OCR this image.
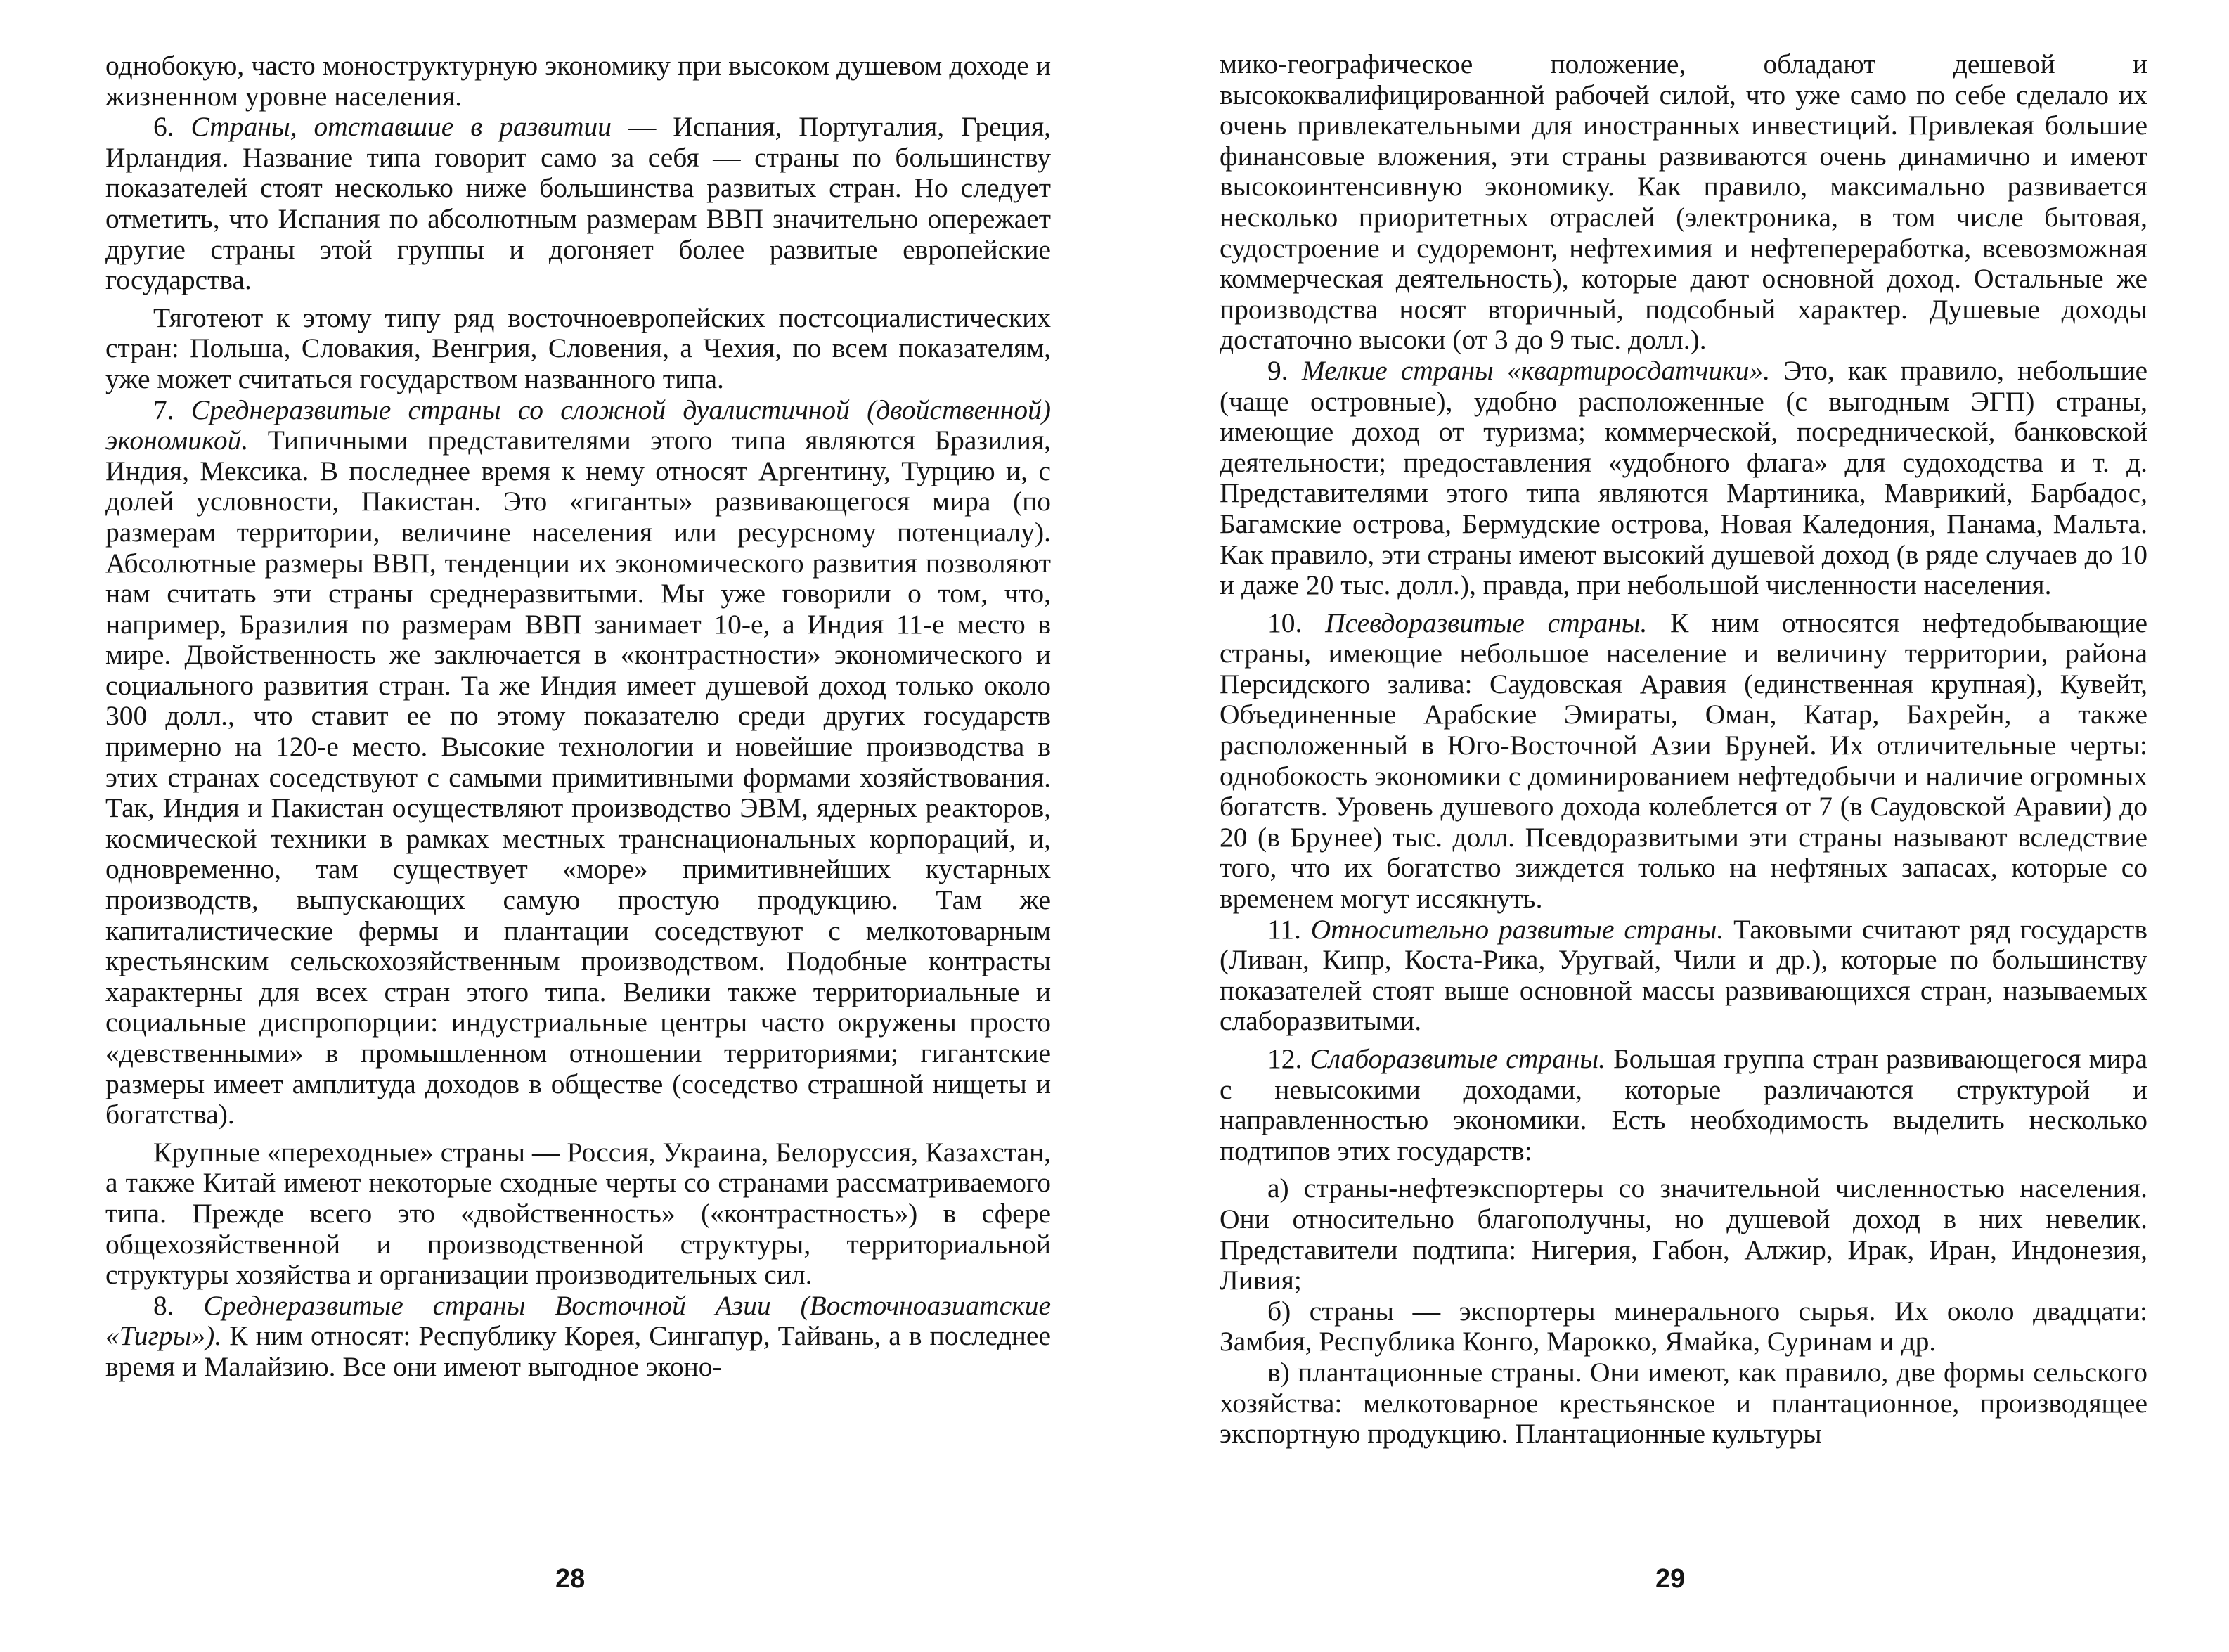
однобокую, часто моноструктурную экономику при высоком душевом доходе и жизненном уровне населения.

6. Страны, отставшие в развитии — Испания, Португалия, Греция, Ирландия. Название типа говорит само за себя — страны по большинству показателей стоят несколько ниже большинства развитых стран. Но следует отметить, что Испания по абсолютным размерам ВВП значительно опережает другие страны этой группы и догоняет более развитые европейские государства.

Тяготеют к этому типу ряд восточноевропейских постсоциалистических стран: Польша, Словакия, Венгрия, Словения, а Чехия, по всем показателям, уже может считаться государством названного типа.

7. Среднеразвитые страны со сложной дуалистичной (двойственной) экономикой. Типичными представителями этого типа являются Бразилия, Индия, Мексика. В последнее время к нему относят Аргентину, Турцию и, с долей условности, Пакистан. Это «гиганты» развивающегося мира (по размерам территории, величине населения или ресурсному потенциалу). Абсолютные размеры ВВП, тенденции их экономического развития позволяют нам считать эти страны среднеразвитыми. Мы уже говорили о том, что, например, Бразилия по размерам ВВП занимает 10-е, а Индия 11-е место в мире. Двойственность же заключается в «контрастности» экономического и социального развития стран. Та же Индия имеет душевой доход только около 300 долл., что ставит ее по этому показателю среди других государств примерно на 120-е место. Высокие технологии и новейшие производства в этих странах соседствуют с самыми примитивными формами хозяйствования. Так, Индия и Пакистан осуществляют производство ЭВМ, ядерных реакторов, космической техники в рамках местных транснациональных корпораций, и, одновременно, там существует «море» примитивнейших кустарных производств, выпускающих самую простую продукцию. Там же капиталистические фермы и плантации соседствуют с мелкотоварным крестьянским сельскохозяйственным производством. Подобные контрасты характерны для всех стран этого типа. Велики также территориальные и социальные диспропорции: индустриальные центры часто окружены просто «девственными» в промышленном отношении территориями; гигантские размеры имеет амплитуда доходов в обществе (соседство страшной нищеты и богатства).

Крупные «переходные» страны — Россия, Украина, Белоруссия, Казахстан, а также Китай имеют некоторые сходные черты со странами рассматриваемого типа. Прежде всего это «двойственность» («контрастность») в сфере общехозяйственной и производственной структуры, территориальной структуры хозяйства и организации производительных сил.

8. Среднеразвитые страны Восточной Азии (Восточноазиатские «Тигры»). К ним относят: Республику Корея, Сингапур, Тайвань, а в последнее время и Малайзию. Все они имеют выгодное эконо-

28

мико-географическое положение, обладают дешевой и высококвалифицированной рабочей силой, что уже само по себе сделало их очень привлекательными для иностранных инвестиций. Привлекая большие финансовые вложения, эти страны развиваются очень динамично и имеют высокоинтенсивную экономику. Как правило, максимально развивается несколько приоритетных отраслей (электроника, в том числе бытовая, судостроение и судоремонт, нефтехимия и нефтепереработка, всевозможная коммерческая деятельность), которые дают основной доход. Остальные же производства носят вторичный, подсобный характер. Душевые доходы достаточно высоки (от 3 до 9 тыс. долл.).

9. Мелкие страны «квартиросдатчики». Это, как правило, небольшие (чаще островные), удобно расположенные (с выгодным ЭГП) страны, имеющие доход от туризма; коммерческой, посреднической, банковской деятельности; предоставления «удобного флага» для судоходства и т. д. Представителями этого типа являются Мартиника, Маврикий, Барбадос, Багамские острова, Бермудские острова, Новая Каледония, Панама, Мальта. Как правило, эти страны имеют высокий душевой доход (в ряде случаев до 10 и даже 20 тыс. долл.), правда, при небольшой численности населения.

10. Псевдоразвитые страны. К ним относятся нефтедобывающие страны, имеющие небольшое население и величину территории, района Персидского залива: Саудовская Аравия (единственная крупная), Кувейт, Объединенные Арабские Эмираты, Оман, Катар, Бахрейн, а также расположенный в Юго-Восточной Азии Бруней. Их отличительные черты: однобокость экономики с доминированием нефтедобычи и наличие огромных богатств. Уровень душевого дохода колеблется от 7 (в Саудовской Аравии) до 20 (в Брунее) тыс. долл. Псевдоразвитыми эти страны называют вследствие того, что их богатство зиждется только на нефтяных запасах, которые со временем могут иссякнуть.

11. Относительно развитые страны. Таковыми считают ряд государств (Ливан, Кипр, Коста-Рика, Уругвай, Чили и др.), которые по большинству показателей стоят выше основной массы развивающихся стран, называемых слаборазвитыми.

12. Слаборазвитые страны. Большая группа стран развивающегося мира с невысокими доходами, которые различаются структурой и направленностью экономики. Есть необходимость выделить несколько подтипов этих государств:

а) страны-нефтеэкспортеры со значительной численностью населения. Они относительно благополучны, но душевой доход в них невелик. Представители подтипа: Нигерия, Габон, Алжир, Ирак, Иран, Индонезия, Ливия;

б) страны — экспортеры минерального сырья. Их около двадцати: Замбия, Республика Конго, Марокко, Ямайка, Суринам и др.

в) плантационные страны. Они имеют, как правило, две формы сельского хозяйства: мелкотоварное крестьянское и плантационное, производящее экспортную продукцию. Плантационные культуры

29
